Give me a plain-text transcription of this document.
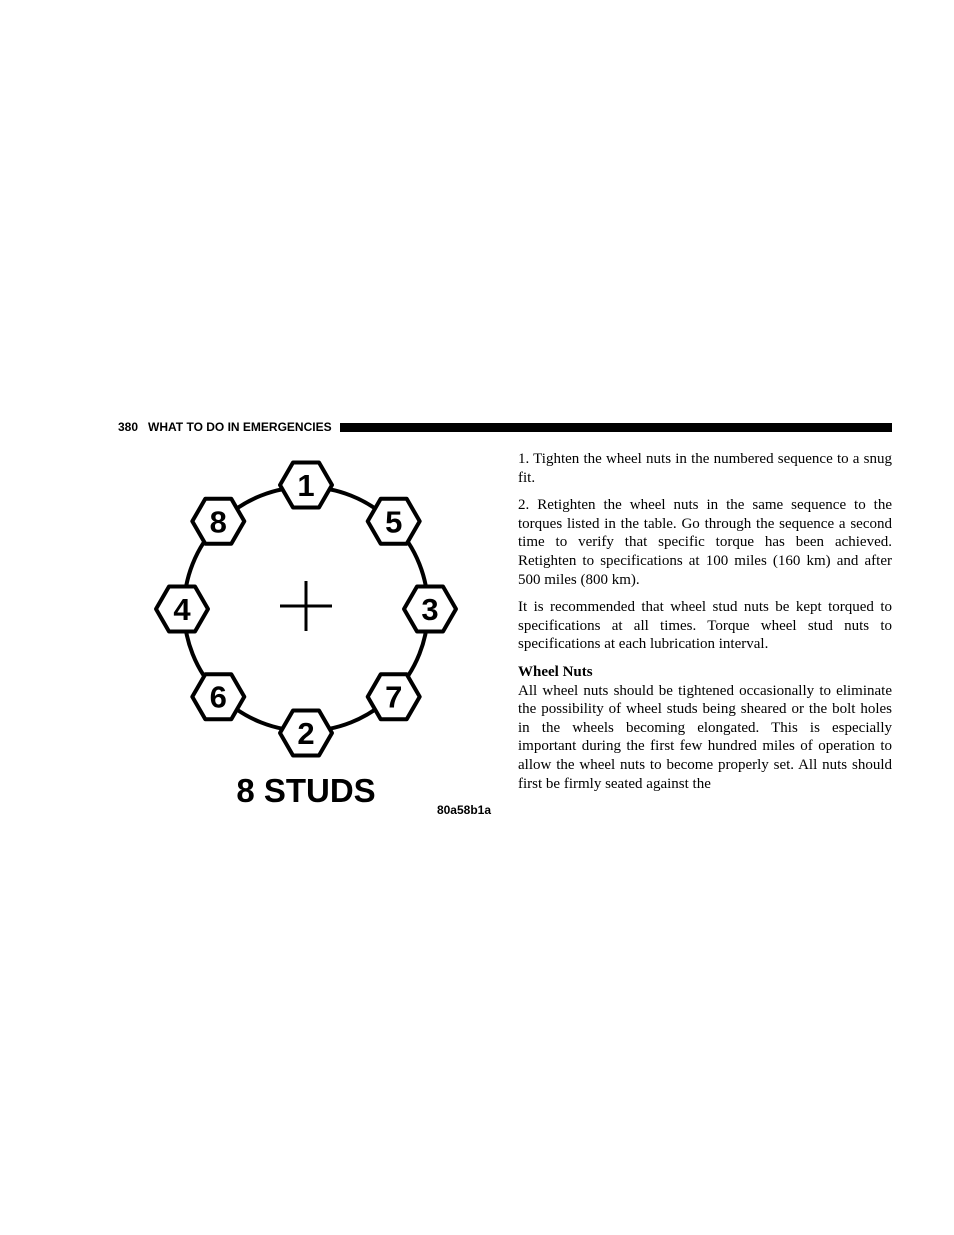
380 WHAT TO DO IN EMERGENCIES
1
5
3
7
2
6
4
8
8 STUDS
80a58b1a

1. Tighten the wheel nuts in the numbered sequence to a snug fit.

2. Retighten the wheel nuts in the same sequence to the torques listed in the table. Go through the sequence a second time to verify that specific torque has been achieved. Retighten to specifications at 100 miles (160 km) and after 500 miles (800 km).

It is recommended that wheel stud nuts be kept torqued to specifications at all times. Torque wheel stud nuts to specifications at each lubrication interval.

Wheel Nuts

All wheel nuts should be tightened occasionally to eliminate the possibility of wheel studs being sheared or the bolt holes in the wheels becoming elongated. This is especially important during the first few hundred miles of operation to allow the wheel nuts to become properly set. All nuts should first be firmly seated against the
